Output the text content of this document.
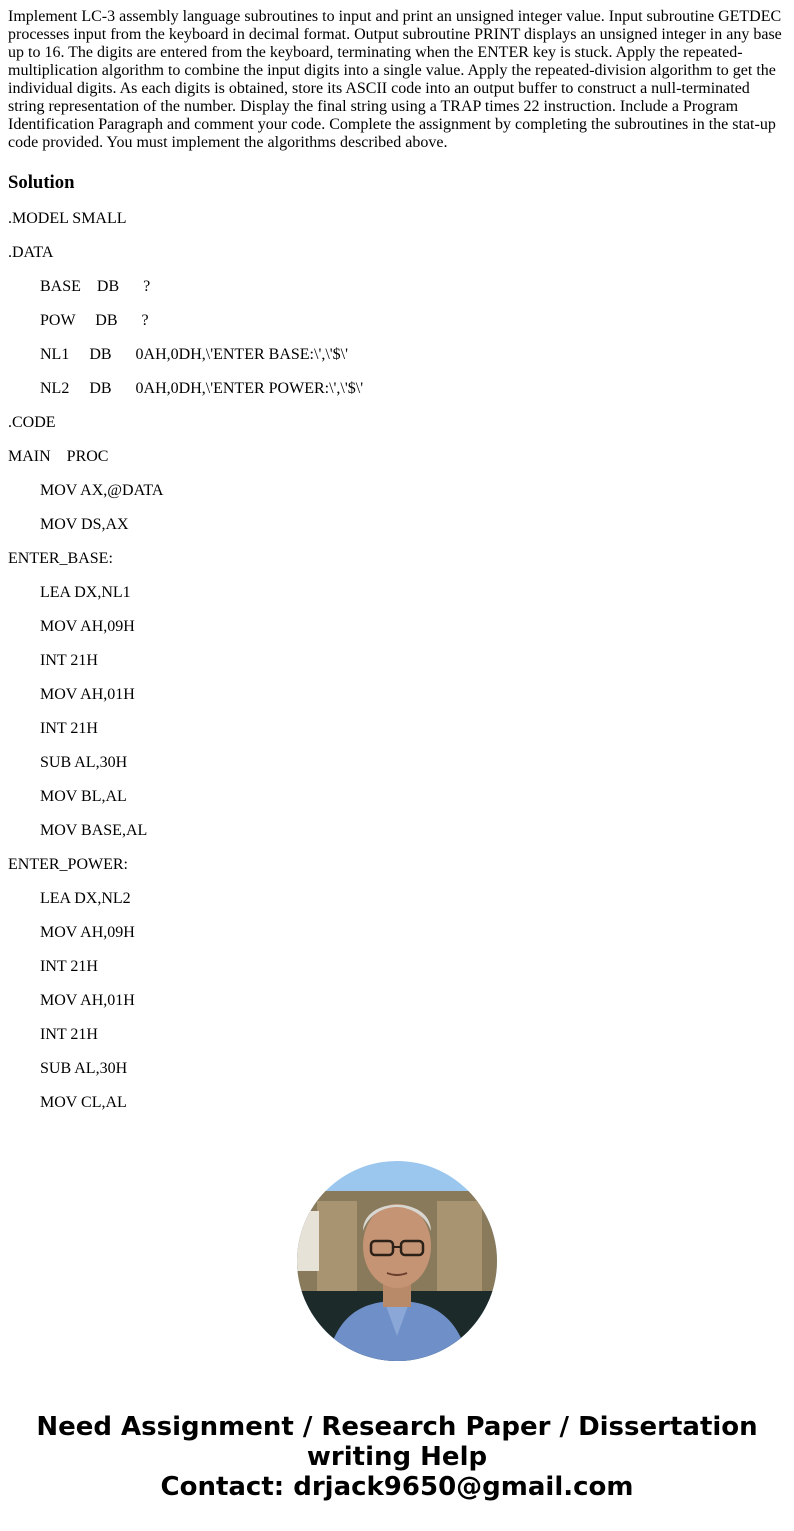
Implement LC-3 assembly language subroutines to input and print an unsigned integer value. Input subroutine GETDEC processes input from the keyboard in decimal format. Output subroutine PRINT displays an unsigned integer in any base up to 16. The digits are entered from the keyboard, terminating when the ENTER key is stuck. Apply the repeated-multiplication algorithm to combine the input digits into a single value. Apply the repeated-division algorithm to get the individual digits. As each digits is obtained, store its ASCII code into an output buffer to construct a null-terminated string representation of the number. Display the final string using a TRAP times 22 instruction. Include a Program Identification Paragraph and comment your code. Complete the assignment by completing the subroutines in the stat-up code provided. You must implement the algorithms described above.

Solution
.MODEL SMALL
.DATA
BASE    DB      ?
POW     DB      ?
NL1     DB      0AH,0DH,\'ENTER BASE:\',\'$\'
NL2     DB      0AH,0DH,\'ENTER POWER:\',\'$\'
.CODE
MAIN    PROC
MOV AX,@DATA
MOV DS,AX
ENTER_BASE:
LEA DX,NL1
MOV AH,09H
INT 21H
MOV AH,01H
INT 21H
SUB AL,30H
MOV BL,AL
MOV BASE,AL
ENTER_POWER:
LEA DX,NL2
MOV AH,09H
INT 21H
MOV AH,01H
INT 21H
SUB AL,30H
MOV CL,AL
Need Assignment / Research Paper / Dissertation
writing Help
Contact: drjack9650@gmail.com
